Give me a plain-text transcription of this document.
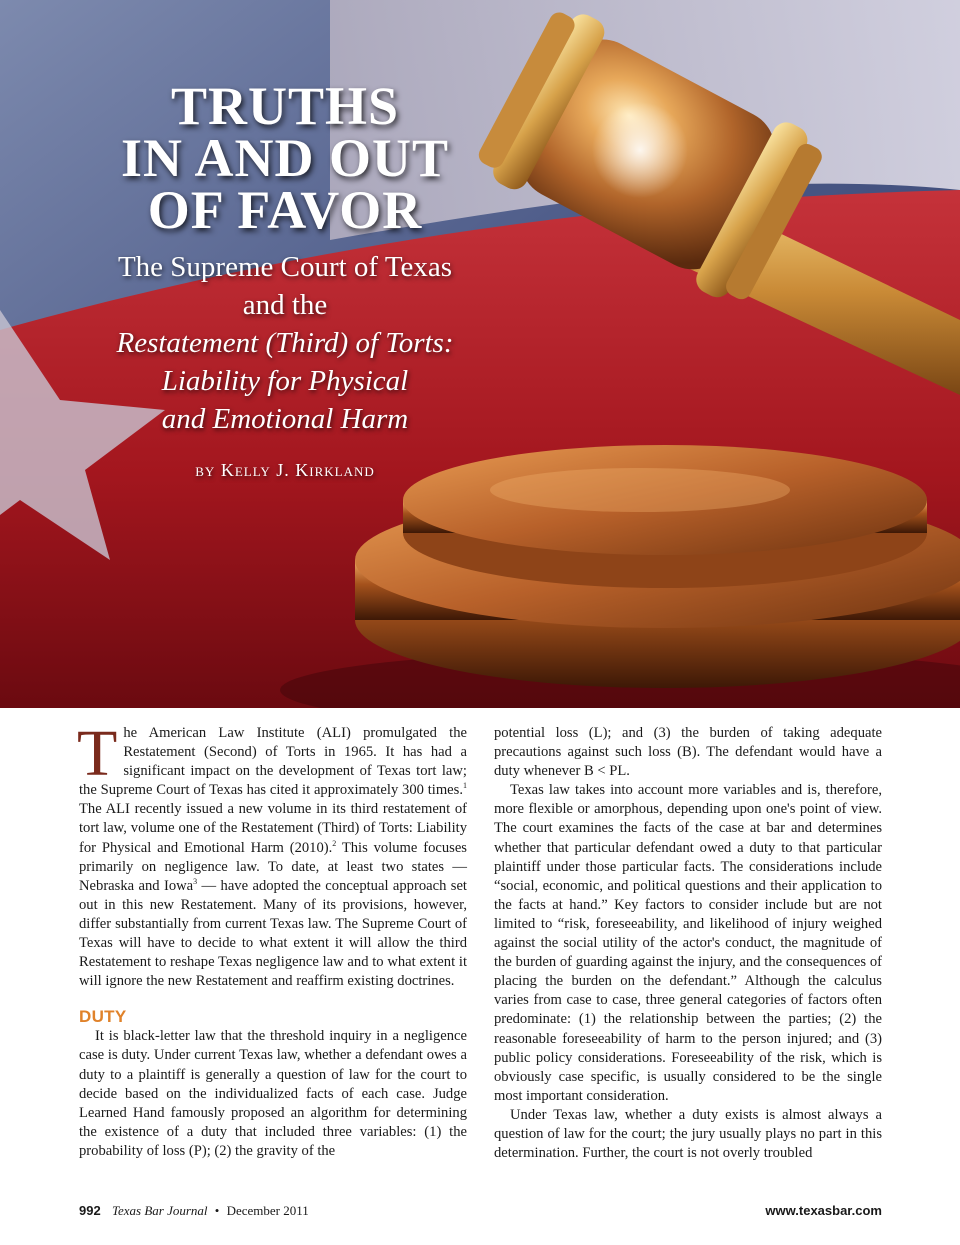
TRUTHS
IN AND OUT
OF FAVOR
The Supreme Court of Texas
and the
Restatement (Third) of Torts:
Liability for Physical
and Emotional Harm
by Kelly J. Kirkland

The American Law Institute (ALI) promulgated the Restatement (Second) of Torts in 1965. It has had a significant impact on the development of Texas tort law; the Supreme Court of Texas has cited it approximately 300 times.$^1$ The ALI recently issued a new volume in its third restatement of tort law, volume one of the Restatement (Third) of Torts: Liability for Physical and Emotional Harm (2010).$^2$ This volume focuses primarily on negligence law. To date, at least two states — Nebraska and Iowa$^3$ — have adopted the conceptual approach set out in this new Restatement. Many of its provisions, however, differ substantially from current Texas law. The Supreme Court of Texas will have to decide to what extent it will allow the third Restatement to reshape Texas negligence law and to what extent it will ignore the new Restatement and reaffirm existing doctrines.

DUTY

It is black-letter law that the threshold inquiry in a negligence case is duty. Under current Texas law, whether a defendant owes a duty to a plaintiff is generally a question of law for the court to decide based on the individualized facts of each case. Judge Learned Hand famously proposed an algorithm for determining the existence of a duty that included three variables: (1) the probability of loss (P); (2) the gravity of the

potential loss (L); and (3) the burden of taking adequate precautions against such loss (B). The defendant would have a duty whenever B < PL.

Texas law takes into account more variables and is, therefore, more flexible or amorphous, depending upon one's point of view. The court examines the facts of the case at bar and determines whether that particular defendant owed a duty to that particular plaintiff under those particular facts. The considerations include “social, economic, and political questions and their application to the facts at hand.” Key factors to consider include but are not limited to “risk, foreseeability, and likelihood of injury weighed against the social utility of the actor's conduct, the magnitude of the burden of guarding against the injury, and the consequences of placing the burden on the defendant.” Although the calculus varies from case to case, three general categories of factors often predominate: (1) the relationship between the parties; (2) the reasonable foreseeability of harm to the person injured; and (3) public policy considerations. Foreseeability of the risk, which is obviously case specific, is usually considered to be the single most important consideration.

Under Texas law, whether a duty exists is almost always a question of law for the court; the jury usually plays no part in this determination. Further, the court is not overly troubled

992 Texas Bar Journal • December 2011	www.texasbar.com
